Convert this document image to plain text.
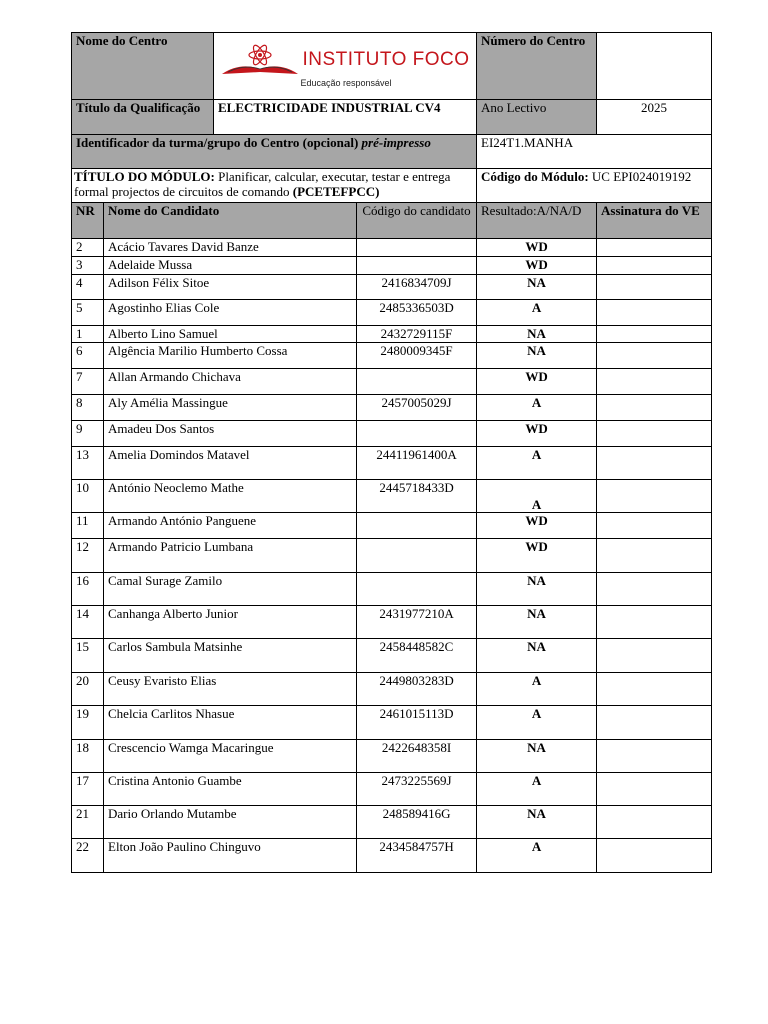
Nome do Centro		INSTITUTO FOCO
Educação responsável		Número do Centro	
Título da Qualificação		ELECTRICIDADE INDUSTRIAL CV4		Ano Lectivo	2025
Identificador da turma/grupo do Centro (opcional) pré-impresso				EI24T1.MANHA	
TÍTULO DO MÓDULO: Planificar, calcular, executar, testar e entrega formal projectos de circuitos de comando (PCETEFPCC)				Código do Módulo: UC EPI024019192	
NR	Nome do Candidato		Código do candidato	Resultado:A/NA/D	Assinatura do VE
2	Acácio Tavares David Banze			WD	
3	Adelaide Mussa			WD	
4	Adilson Félix Sitoe		2416834709J	NA	
5	Agostinho Elias Cole		2485336503D	A	
1	Alberto Lino Samuel		2432729115F	NA	
6	Algência Marilio Humberto Cossa		2480009345F	NA	
7	Allan Armando Chichava			WD	
8	Aly Amélia Massingue		2457005029J	A	
9	Amadeu Dos Santos			WD	
13	Amelia Domindos Matavel		24411961400A	A	
10	António Neoclemo Mathe		2445718433D	A	
11	Armando António Panguene			WD	
12	Armando Patricio Lumbana			WD	
16	Camal Surage Zamilo			NA	
14	Canhanga Alberto Junior		2431977210A	NA	
15	Carlos Sambula Matsinhe		2458448582C	NA	
20	Ceusy Evaristo Elias		2449803283D	A	
19	Chelcia Carlitos Nhasue		2461015113D	A	
18	Crescencio Wamga Macaringue		2422648358I	NA	
17	Cristina Antonio Guambe		2473225569J	A	
21	Dario Orlando Mutambe		248589416G	NA	
22	Elton João Paulino Chinguvo		2434584757H	A	
